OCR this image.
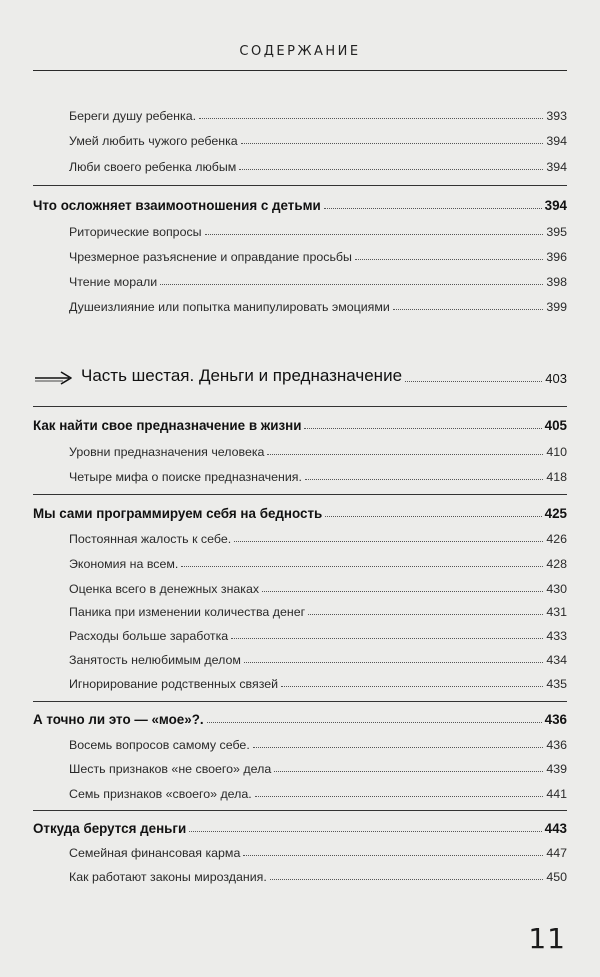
СОДЕРЖАНИЕ
Береги душу ребенка.	393
Умей любить чужого ребенка	394
Люби своего ребенка любым	394
Что осложняет взаимоотношения с детьми	394
Риторические вопросы	395
Чрезмерное разъяснение и оправдание просьбы	396
Чтение морали	398
Душеизлияние или попытка манипулировать эмоциями	399
Часть шестая. Деньги и предназначение	403
Как найти свое предназначение в жизни	405
Уровни предназначения человека	410
Четыре мифа о поиске предназначения.	418
Мы сами программируем себя на бедность	425
Постоянная жалость к себе.	426
Экономия на всем.	428
Оценка всего в денежных знаках	430
Паника при изменении количества денег	431
Расходы больше заработка	433
Занятость нелюбимым делом	434
Игнорирование родственных связей	435
А точно ли это — «мое»?.	436
Восемь вопросов самому себе.	436
Шесть признаков «не своего» дела	439
Семь признаков «своего» дела.	441
Откуда берутся деньги	443
Семейная финансовая карма	447
Как работают законы мироздания.	450
11
